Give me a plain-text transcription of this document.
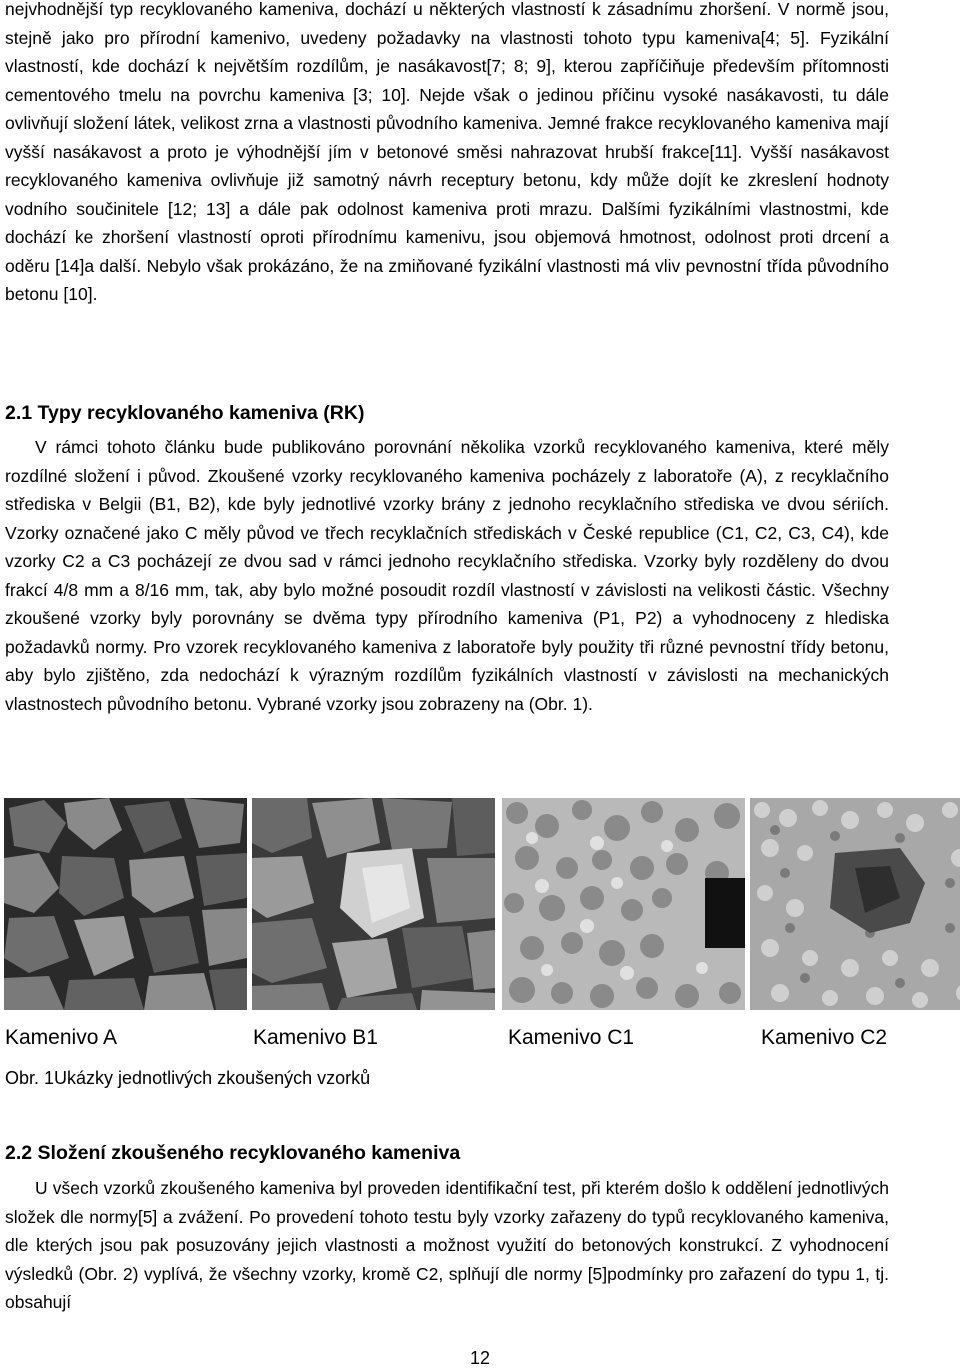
nejvhodnější typ recyklovaného kameniva, dochází u některých vlastností k zásadnímu zhoršení. V normě jsou, stejně jako pro přírodní kamenivo, uvedeny požadavky na vlastnosti tohoto typu kameniva[4; 5]. Fyzikální vlastností, kde dochází k největším rozdílům, je nasákavost[7; 8; 9], kterou zapříčiňuje především přítomnosti cementového tmelu na povrchu kameniva [3; 10]. Nejde však o jedinou příčinu vysoké nasákavosti, tu dále ovlivňují složení látek, velikost zrna a vlastnosti původního kameniva. Jemné frakce recyklovaného kameniva mají vyšší nasákavost a proto je výhodnější jím v betonové směsi nahrazovat hrubší frakce[11]. Vyšší nasákavost recyklovaného kameniva ovlivňuje již samotný návrh receptury betonu, kdy může dojít ke zkreslení hodnoty vodního součinitele [12; 13] a dále pak odolnost kameniva proti mrazu. Dalšími fyzikálními vlastnostmi, kde dochází ke zhoršení vlastností oproti přírodnímu kamenivu, jsou objemová hmotnost, odolnost proti drcení a oděru [14]a další. Nebylo však prokázáno, že na zmiňované fyzikální vlastnosti má vliv pevnostní třída původního betonu [10].

2.1 Typy recyklovaného kameniva (RK)

V rámci tohoto článku bude publikováno porovnání několika vzorků recyklovaného kameniva, které měly rozdílné složení i původ. Zkoušené vzorky recyklovaného kameniva pocházely z laboratoře (A), z recyklačního střediska v Belgii (B1, B2), kde byly jednotlivé vzorky brány z jednoho recyklačního střediska ve dvou sériích. Vzorky označené jako C měly původ ve třech recyklačních střediskách v České republice (C1, C2, C3, C4), kde vzorky C2 a C3 pocházejí ze dvou sad v rámci jednoho recyklačního střediska. Vzorky byly rozděleny do dvou frakcí 4/8 mm a 8/16 mm, tak, aby bylo možné posoudit rozdíl vlastností v závislosti na velikosti částic. Všechny zkoušené vzorky byly porovnány se dvěma typy přírodního kameniva (P1, P2) a vyhodnoceny z hlediska požadavků normy. Pro vzorek recyklovaného kameniva z laboratoře byly použity tři různé pevnostní třídy betonu, aby bylo zjištěno, zda nedochází k výrazným rozdílům fyzikálních vlastností v závislosti na mechanických vlastnostech původního betonu. Vybrané vzorky jsou zobrazeny na (Obr. 1).

Kamenivo A	Kamenivo B1	Kamenivo C1	Kamenivo C2

Obr. 1Ukázky jednotlivých zkoušených vzorků

2.2 Složení zkoušeného recyklovaného kameniva

U všech vzorků zkoušeného kameniva byl proveden identifikační test, při kterém došlo k oddělení jednotlivých složek dle normy[5] a zvážení. Po provedení tohoto testu byly vzorky zařazeny do typů recyklovaného kameniva, dle kterých jsou pak posuzovány jejich vlastnosti a možnost využití do betonových konstrukcí. Z vyhodnocení výsledků (Obr. 2) vyplívá, že všechny vzorky, kromě C2, splňují dle normy [5]podmínky pro zařazení do typu 1, tj. obsahují

12
